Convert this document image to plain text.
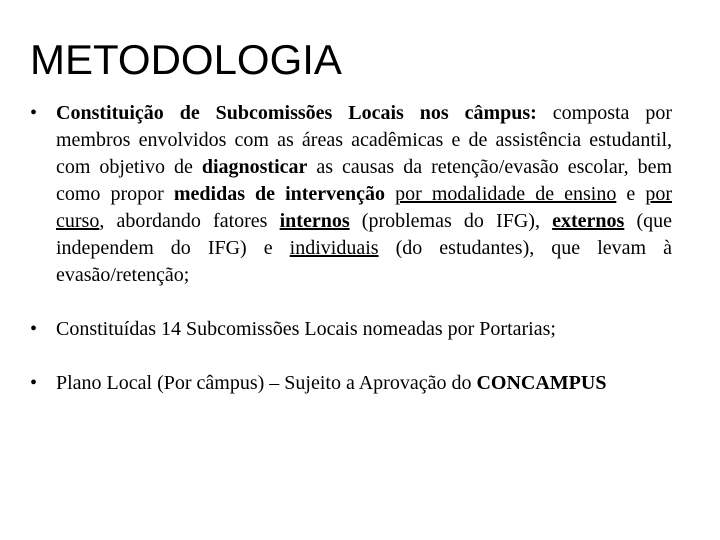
METODOLOGIA
• Constituição de Subcomissões Locais nos câmpus: composta por membros envolvidos com as áreas acadêmicas e de assistência estudantil, com objetivo de diagnosticar as causas da retenção/evasão escolar, bem como propor medidas de intervenção por modalidade de ensino e por curso, abordando fatores internos (problemas do IFG), externos (que independem do IFG) e individuais (do estudantes), que levam à evasão/retenção;
• Constituídas 14 Subcomissões Locais nomeadas por Portarias;
• Plano Local (Por câmpus) – Sujeito a Aprovação do CONCAMPUS
